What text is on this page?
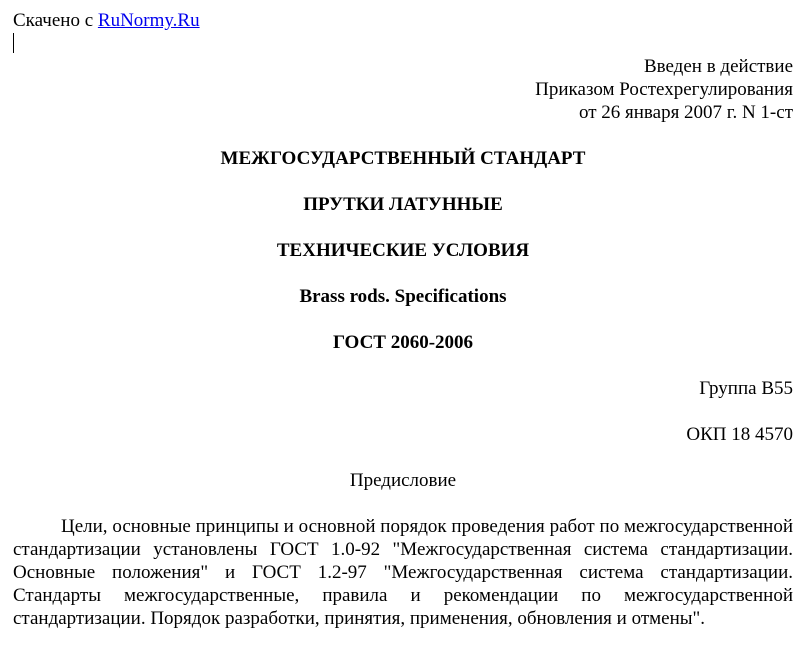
Скачено с RuNormy.Ru
Введен в действие
Приказом Ростехрегулирования
от 26 января 2007 г. N 1-ст
МЕЖГОСУДАРСТВЕННЫЙ СТАНДАРТ
ПРУТКИ ЛАТУННЫЕ
ТЕХНИЧЕСКИЕ УСЛОВИЯ
Brass rods. Specifications
ГОСТ 2060-2006
Группа В55
ОКП 18 4570
Предисловие
Цели, основные принципы и основной порядок проведения работ по межгосударственной стандартизации установлены ГОСТ 1.0-92 "Межгосударственная система стандартизации. Основные положения" и ГОСТ 1.2-97 "Межгосударственная система стандартизации. Стандарты межгосударственные, правила и рекомендации по межгосударственной стандартизации. Порядок разработки, принятия, применения, обновления и отмены".
